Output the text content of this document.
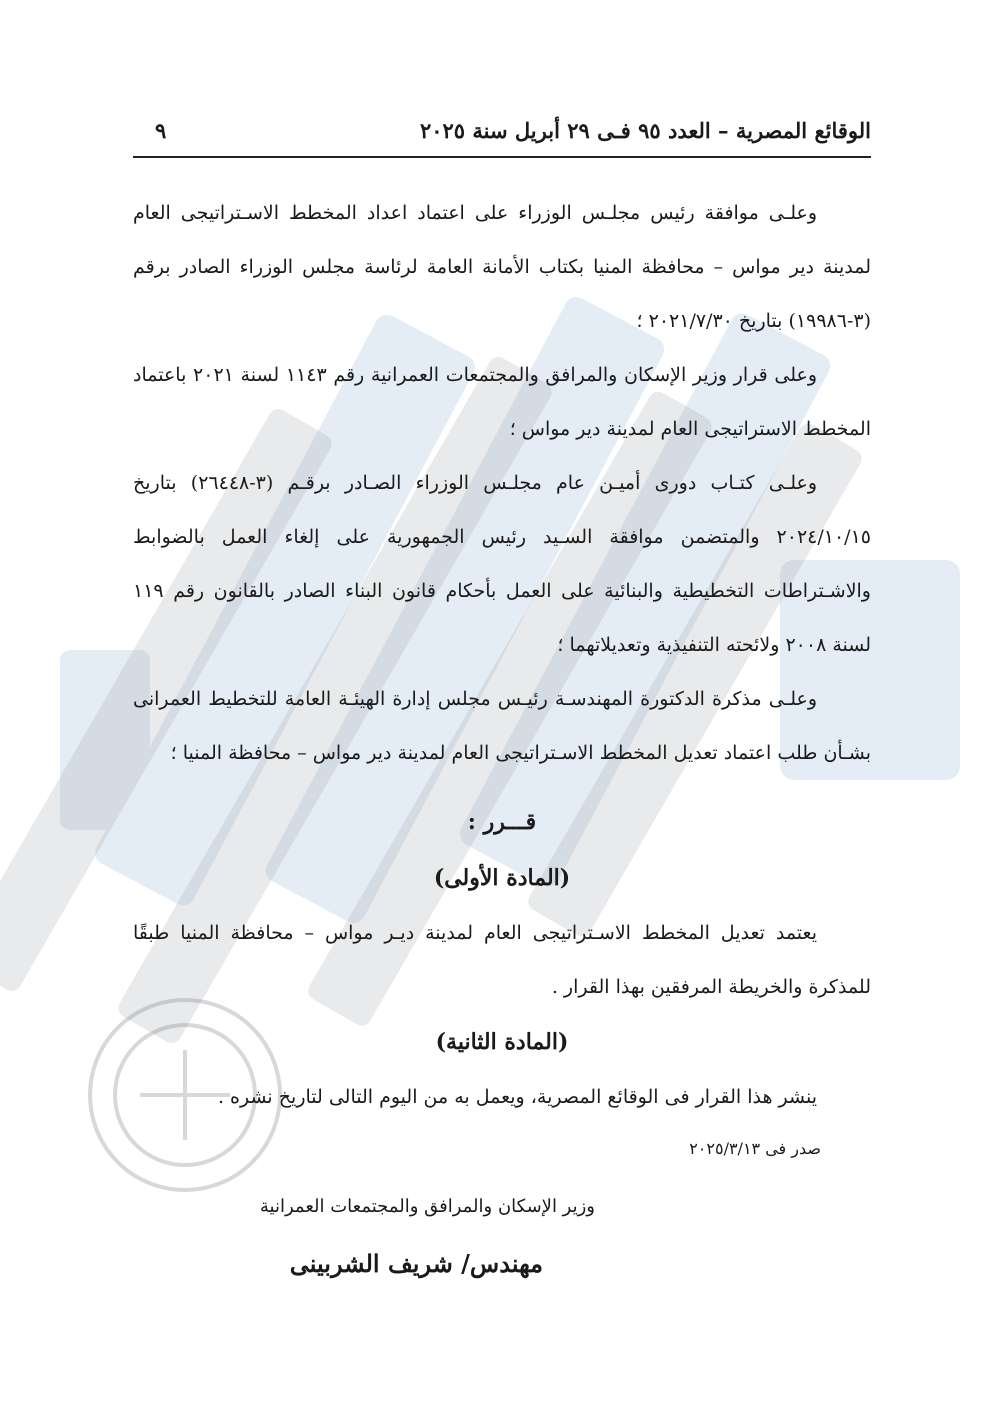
الوقائع المصرية – العدد ٩٥ فـى ٢٩ أبريل سنة ٢٠٢٥
٩

وعلـى موافقة رئيس مجلـس الوزراء على اعتماد اعداد المخطط الاسـتراتيجى العام لمدينة دير مواس – محافظة المنيا بكتاب الأمانة العامة لرئاسة مجلس الوزراء الصادر برقم (٣-١٩٩٨٦) بتاريخ ٢٠٢١/٧/٣٠ ؛

وعلى قرار وزير الإسكان والمرافق والمجتمعات العمرانية رقم ١١٤٣ لسنة ٢٠٢١ باعتماد المخطط الاستراتيجى العام لمدينة دير مواس ؛

وعلـى كتـاب دورى أميـن عام مجلـس الوزراء الصـادر برقـم (٣-٢٦٤٤٨) بتاريخ ٢٠٢٤/١٠/١٥ والمتضمن موافقة السـيد رئيس الجمهورية على إلغاء العمل بالضوابط والاشـتراطات التخطيطية والبنائية على العمل بأحكام قانون البناء الصادر بالقانون رقم ١١٩ لسنة ٢٠٠٨ ولائحته التنفيذية وتعديلاتهما ؛

وعلـى مذكرة الدكتورة المهندسـة رئيـس مجلس إدارة الهيئـة العامة للتخطيط العمرانى بشـأن طلب اعتماد تعديل المخطط الاسـتراتيجى العام لمدينة دير مواس – محافظة المنيا ؛

قـــرر :

(المادة الأولى)

يعتمد تعديل المخطط الاسـتراتيجى العام لمدينة ديـر مواس – محافظة المنيا طبقًا للمذكرة والخريطة المرفقين بهذا القرار .

(المادة الثانية)

ينشر هذا القرار فى الوقائع المصرية، ويعمل به من اليوم التالى لتاريخ نشره .

صدر فى ٢٠٢٥/٣/١٣

وزير الإسكان والمرافق والمجتمعات العمرانية

مهندس/ شريف الشربينى
